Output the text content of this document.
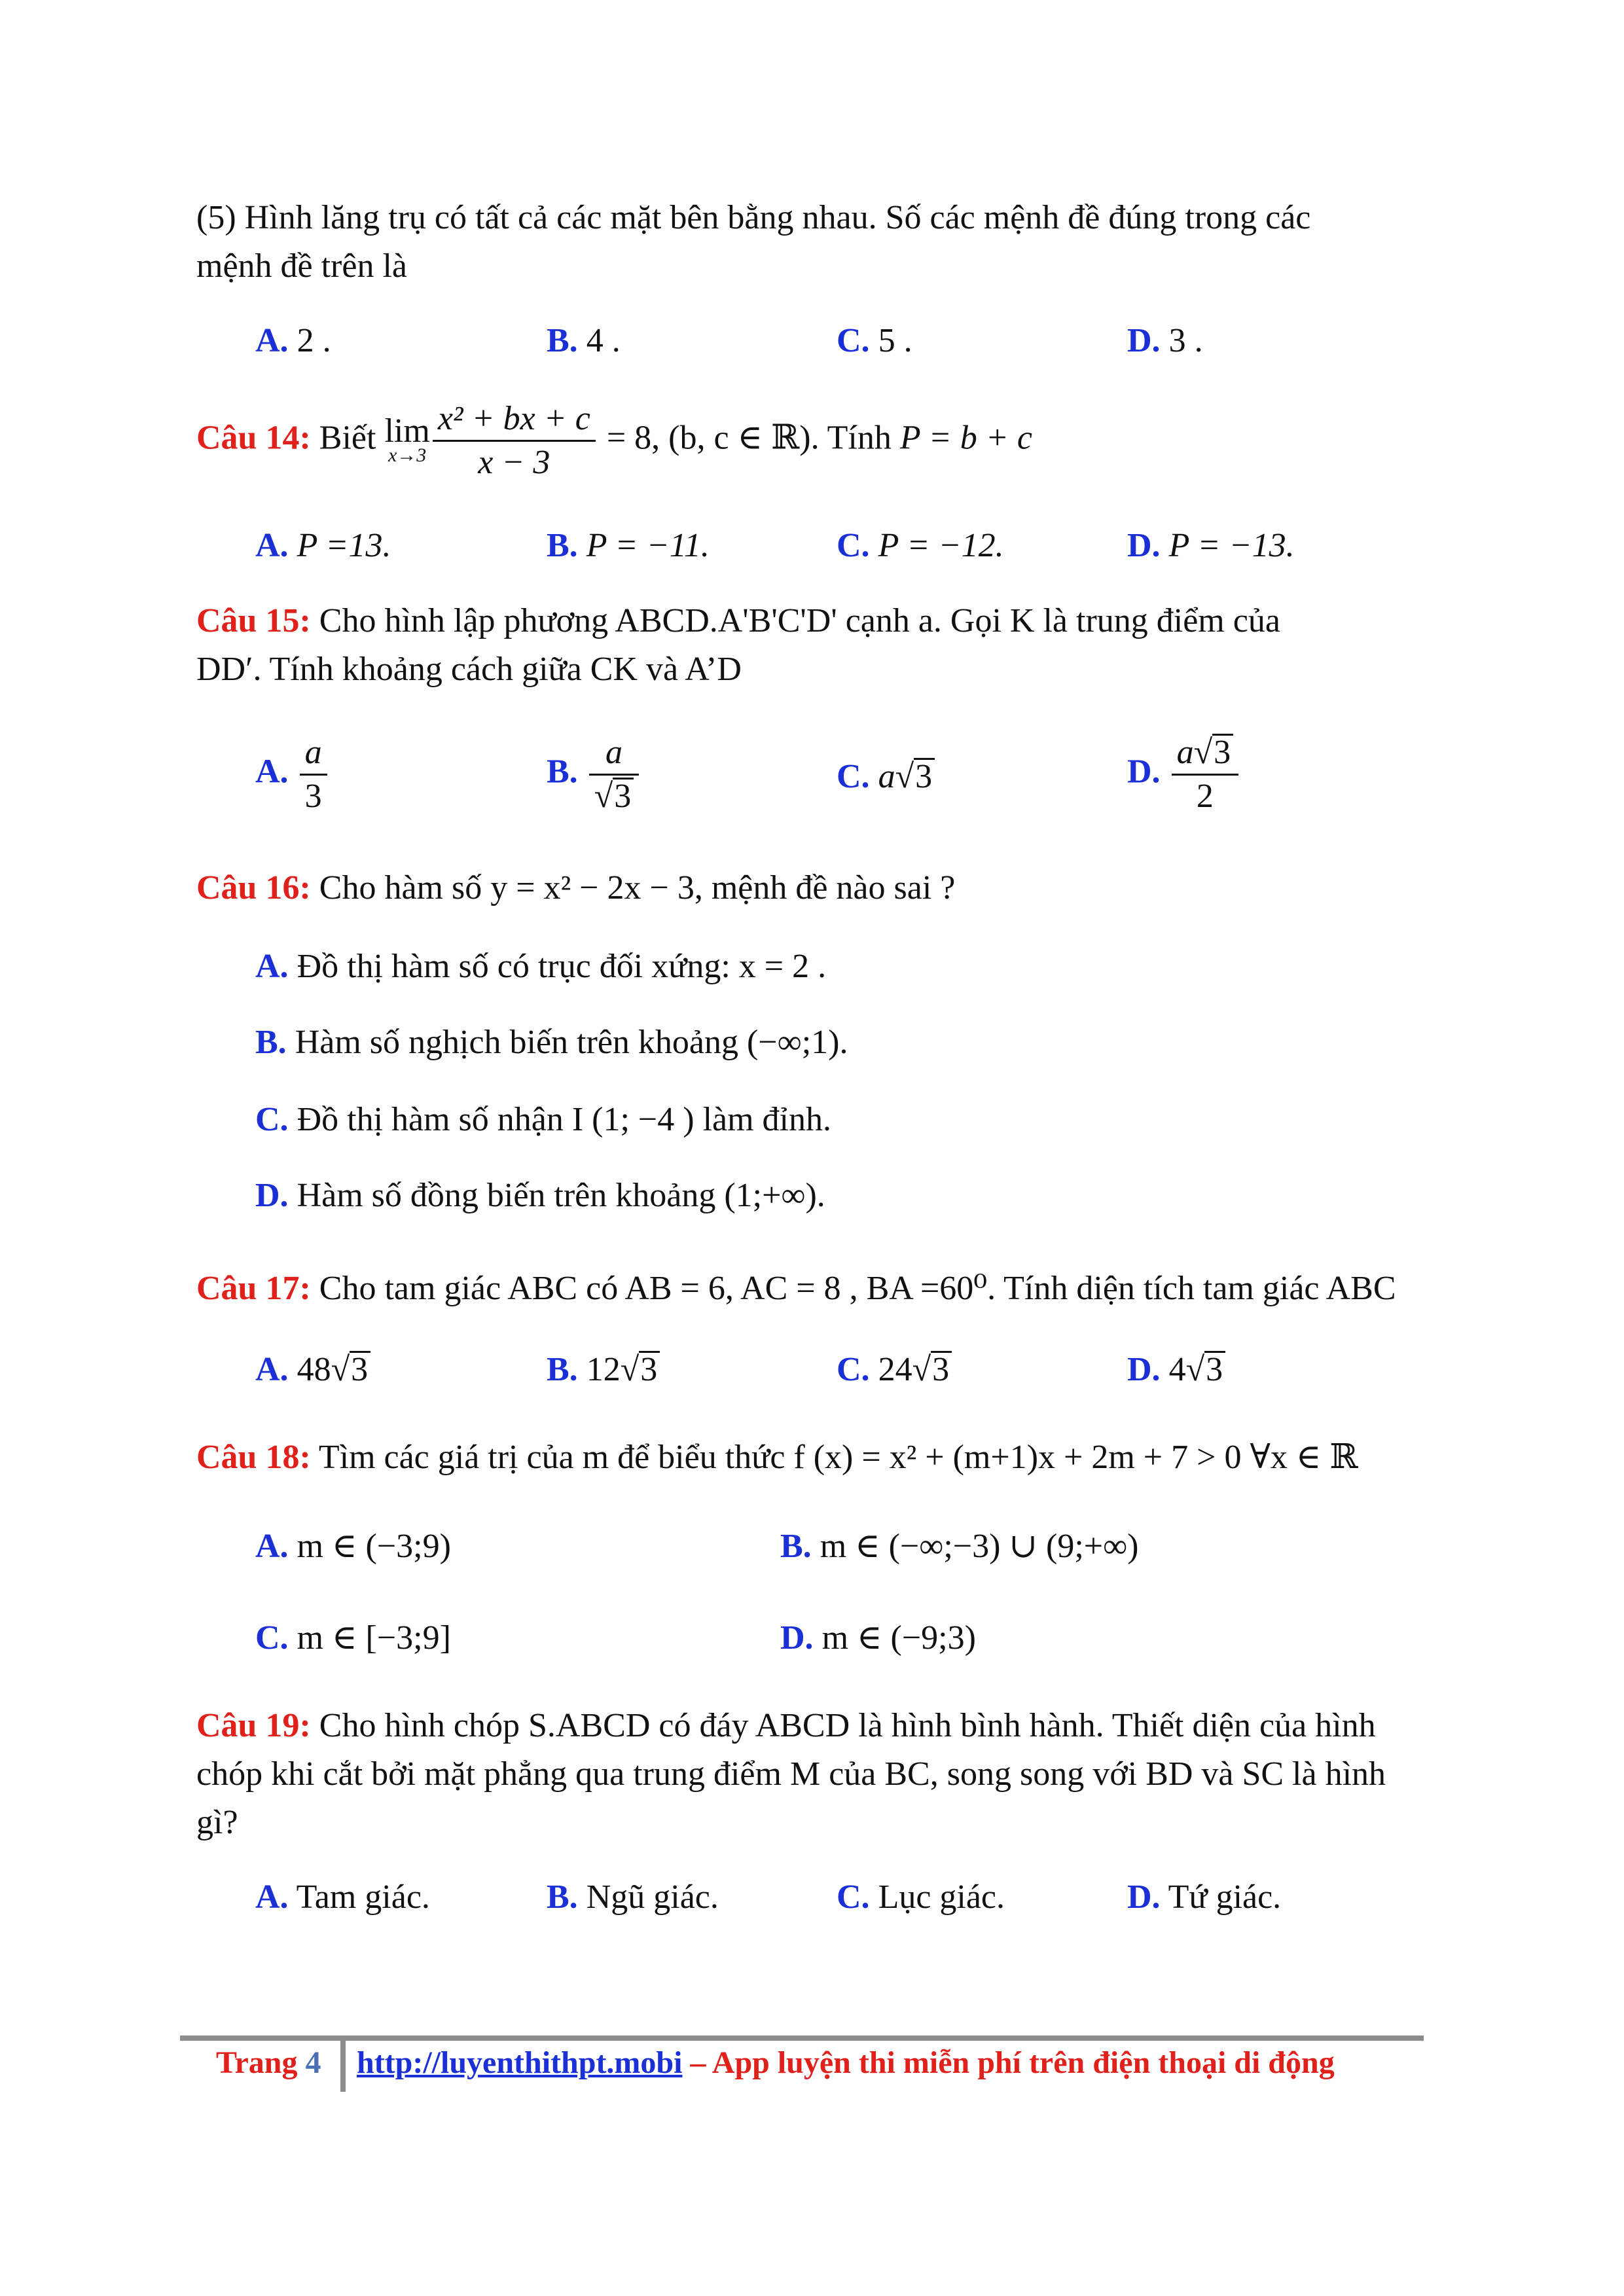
(5) Hình lăng trụ có tất cả các mặt bên bằng nhau. Số các mệnh đề đúng trong các
mệnh đề trên là
A. 2 .	B. 4 .	C. 5 .	D. 3 .
Câu 14: Biết lim
$x\to 3 \frac{\text{x² + bx + c}}{x - 3} = 8$, (b, c ∈ ℝ). Tính P = b + c
A. P =13.	B. P = −11.	C. P = −12.	D. P = −13.
Câu 15: Cho hình lập phương ABCD.A'B'C'D' cạnh a. Gọi K là trung điểm của
DD′. Tính khoảng cách giữa CK và A’D
A. $\frac{a}{3}$	B. $\frac{a}{√3}$	C. a√3	D. $\frac{a√3}{2}$
Câu 16: Cho hàm số y = x² − 2x − 3, mệnh đề nào sai ?
A. Đồ thị hàm số có trục đối xứng: x = 2 .
B. Hàm số nghịch biến trên khoảng (−∞;1).
C. Đồ thị hàm số nhận I (1; −4 ) làm đỉnh.
D. Hàm số đồng biến trên khoảng (1;+∞).
Câu 17: Cho tam giác ABC có AB = 6, AC = 8 , BA =60⁰. Tính diện tích tam giác ABC
A. 48√3	B. 12√3	C. 24√3	D. 4√3
Câu 18: Tìm các giá trị của m để biểu thức f (x) = x² + (m+1)x + 2m + 7 > 0 ∀x ∈ ℝ
A. m ∈ (−3;9)	B. m ∈ (−∞;−3) ∪ (9;+∞)
C. m ∈ [−3;9]	D. m ∈ (−9;3)
Câu 19: Cho hình chóp S.ABCD có đáy ABCD là hình bình hành. Thiết diện của hình
chóp khi cắt bởi mặt phẳng qua trung điểm M của BC, song song với BD và SC là hình
gì?
A. Tam giác.	B. Ngũ giác.	C. Lục giác.	D. Tứ giác.
Trang 4 http://luyenthithpt.mobi – App luyện thi miễn phí trên điện thoại di động
